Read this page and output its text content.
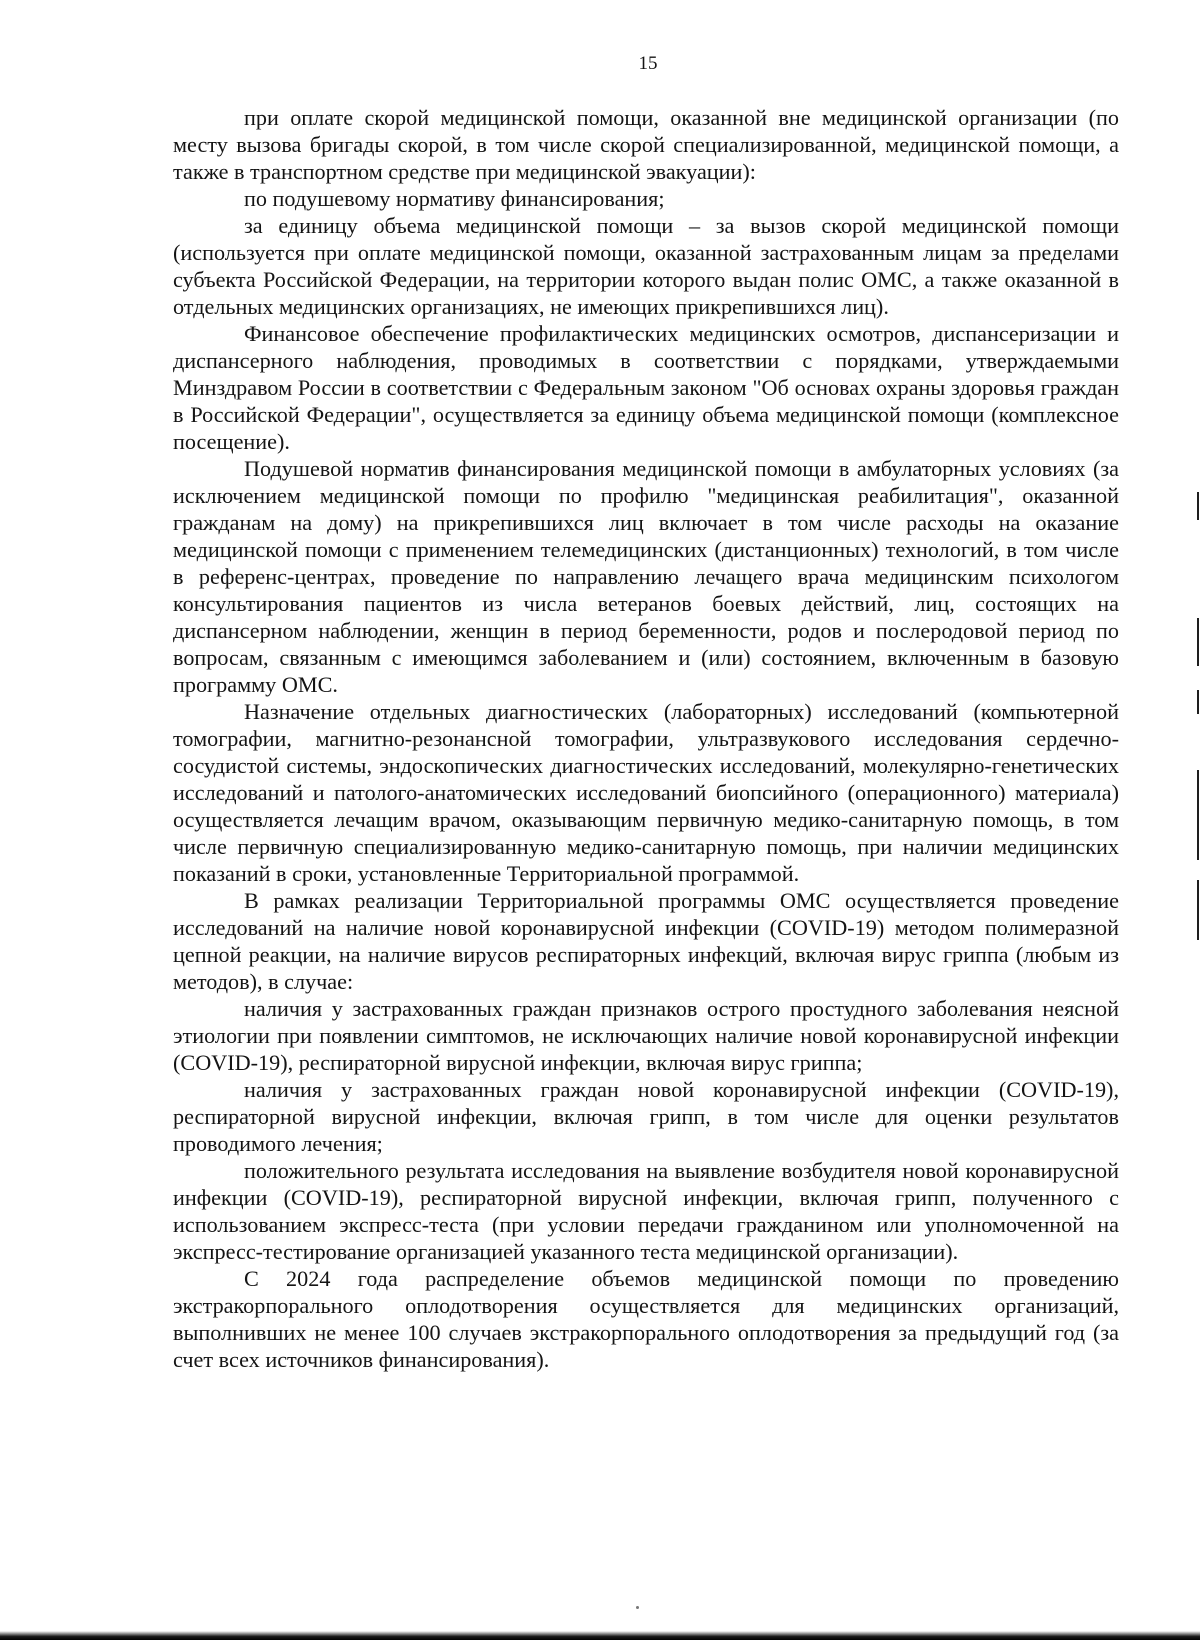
15

при оплате скорой медицинской помощи, оказанной вне медицинской организации (по месту вызова бригады скорой, в том числе скорой специализированной, медицинской помощи, а также в транспортном средстве при медицинской эвакуации):

по подушевому нормативу финансирования;

за единицу объема медицинской помощи – за вызов скорой медицинской помощи (используется при оплате медицинской помощи, оказанной застрахованным лицам за пределами субъекта Российской Федерации, на территории которого выдан полис ОМС, а также оказанной в отдельных медицинских организациях, не имеющих прикрепившихся лиц).

Финансовое обеспечение профилактических медицинских осмотров, диспансеризации и диспансерного наблюдения, проводимых в соответствии с порядками, утверждаемыми Минздравом России в соответствии с Федеральным законом "Об основах охраны здоровья граждан в Российской Федерации", осуществляется за единицу объема медицинской помощи (комплексное посещение).

Подушевой норматив финансирования медицинской помощи в амбулаторных условиях (за исключением медицинской помощи по профилю "медицинская реабилитация", оказанной гражданам на дому) на прикрепившихся лиц включает в том числе расходы на оказание медицинской помощи с применением телемедицинских (дистанционных) технологий, в том числе в референс-центрах, проведение по направлению лечащего врача медицинским психологом консультирования пациентов из числа ветеранов боевых действий, лиц, состоящих на диспансерном наблюдении, женщин в период беременности, родов и послеродовой период по вопросам, связанным с имеющимся заболеванием и (или) состоянием, включенным в базовую программу ОМС.

Назначение отдельных диагностических (лабораторных) исследований (компьютерной томографии, магнитно-резонансной томографии, ультразвукового исследования сердечно-сосудистой системы, эндоскопических диагностических исследований, молекулярно-генетических исследований и патолого-анатомических исследований биопсийного (операционного) материала) осуществляется лечащим врачом, оказывающим первичную медико-санитарную помощь, в том числе первичную специализированную медико-санитарную помощь, при наличии медицинских показаний в сроки, установленные Территориальной программой.

В рамках реализации Территориальной программы ОМС осуществляется проведение исследований на наличие новой коронавирусной инфекции (COVID-19) методом полимеразной цепной реакции, на наличие вирусов респираторных инфекций, включая вирус гриппа (любым из методов), в случае:

наличия у застрахованных граждан признаков острого простудного заболевания неясной этиологии при появлении симптомов, не исключающих наличие новой коронавирусной инфекции (COVID-19), респираторной вирусной инфекции, включая вирус гриппа;

наличия у застрахованных граждан новой коронавирусной инфекции (COVID-19), респираторной вирусной инфекции, включая грипп, в том числе для оценки результатов проводимого лечения;

положительного результата исследования на выявление возбудителя новой коронавирусной инфекции (COVID-19), респираторной вирусной инфекции, включая грипп, полученного с использованием экспресс-теста (при условии передачи гражданином или уполномоченной на экспресс-тестирование организацией указанного теста медицинской организации).

С 2024 года распределение объемов медицинской помощи по проведению экстракорпорального оплодотворения осуществляется для медицинских организаций, выполнивших не менее 100 случаев экстракорпорального оплодотворения за предыдущий год (за счет всех источников финансирования).
